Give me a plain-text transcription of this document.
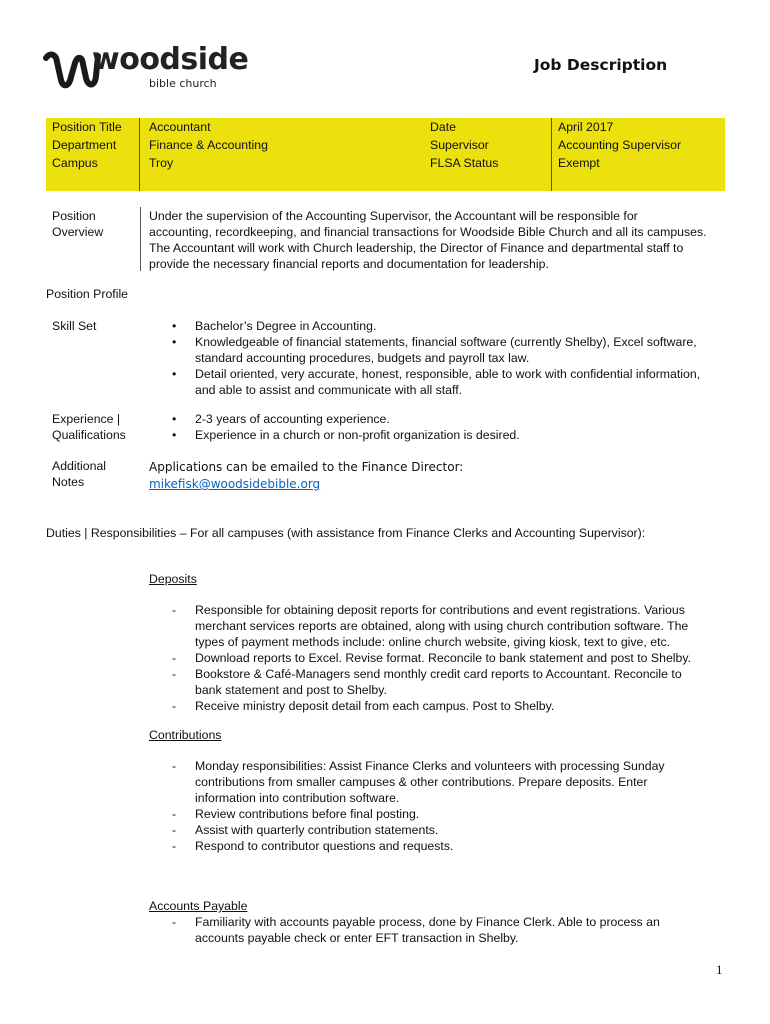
woodside
bible church
Job Description
Position Title
Department
Campus
Accountant
Finance & Accounting
Troy
Date
Supervisor
FLSA Status
April 2017
Accounting Supervisor
Exempt
Position
Overview
Under the supervision of the Accounting Supervisor, the Accountant will be responsible for
accounting, recordkeeping, and financial transactions for Woodside Bible Church and all its campuses.
The Accountant will work with Church leadership, the Director of Finance and departmental staff to
provide the necessary financial reports and documentation for leadership.
Position Profile
Skill Set	• Bachelor’s Degree in Accounting.
• Knowledgeable of financial statements, financial software (currently Shelby), Excel software,
standard accounting procedures, budgets and payroll tax law.
• Detail oriented, very accurate, honest, responsible, able to work with confidential information,
and able to assist and communicate with all staff.
Experience |
Qualifications
• 2-3 years of accounting experience.
• Experience in a church or non-profit organization is desired.
Additional
Notes
Applications can be emailed to the Finance Director:
mikefisk@woodsidebible.org
Duties | Responsibilities – For all campuses (with assistance from Finance Clerks and Accounting Supervisor):
Deposits
- Responsible for obtaining deposit reports for contributions and event registrations. Various
merchant services reports are obtained, along with using church contribution software. The
types of payment methods include: online church website, giving kiosk, text to give, etc.
- Download reports to Excel. Revise format. Reconcile to bank statement and post to Shelby.
- Bookstore & Café-Managers send monthly credit card reports to Accountant. Reconcile to
bank statement and post to Shelby.
- Receive ministry deposit detail from each campus. Post to Shelby.
Contributions
- Monday responsibilities: Assist Finance Clerks and volunteers with processing Sunday
contributions from smaller campuses & other contributions. Prepare deposits. Enter
information into contribution software.
- Review contributions before final posting.
- Assist with quarterly contribution statements.
- Respond to contributor questions and requests.
Accounts Payable
- Familiarity with accounts payable process, done by Finance Clerk. Able to process an
accounts payable check or enter EFT transaction in Shelby.
1
